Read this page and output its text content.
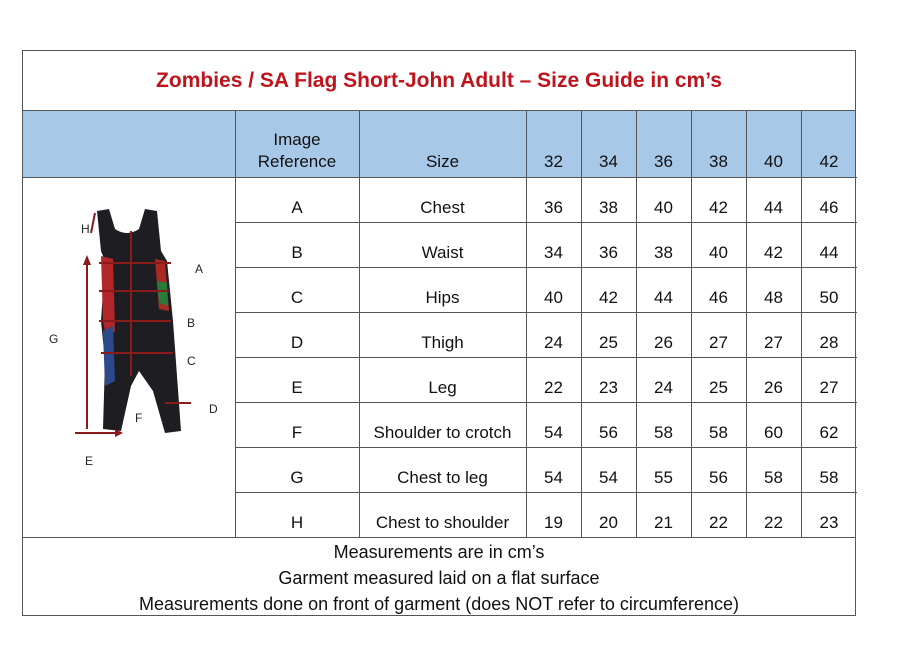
Zombies / SA Flag Short-John Adult – Size Guide in cm’s
H
A
G
B
C
D
F
E
Image
Reference	Size	32	34	36	38	40	42
A	Chest	36	38	40	42	44	46
B	Waist	34	36	38	40	42	44
C	Hips	40	42	44	46	48	50
D	Thigh	24	25	26	27	27	28
E	Leg	22	23	24	25	26	27
F	Shoulder to crotch	54	56	58	58	60	62
G	Chest to leg	54	54	55	56	58	58
H	Chest to shoulder	19	20	21	22	22	23
Measurements are in cm’s
Garment measured laid on a flat surface
Measurements done on front of garment (does NOT refer to circumference)
